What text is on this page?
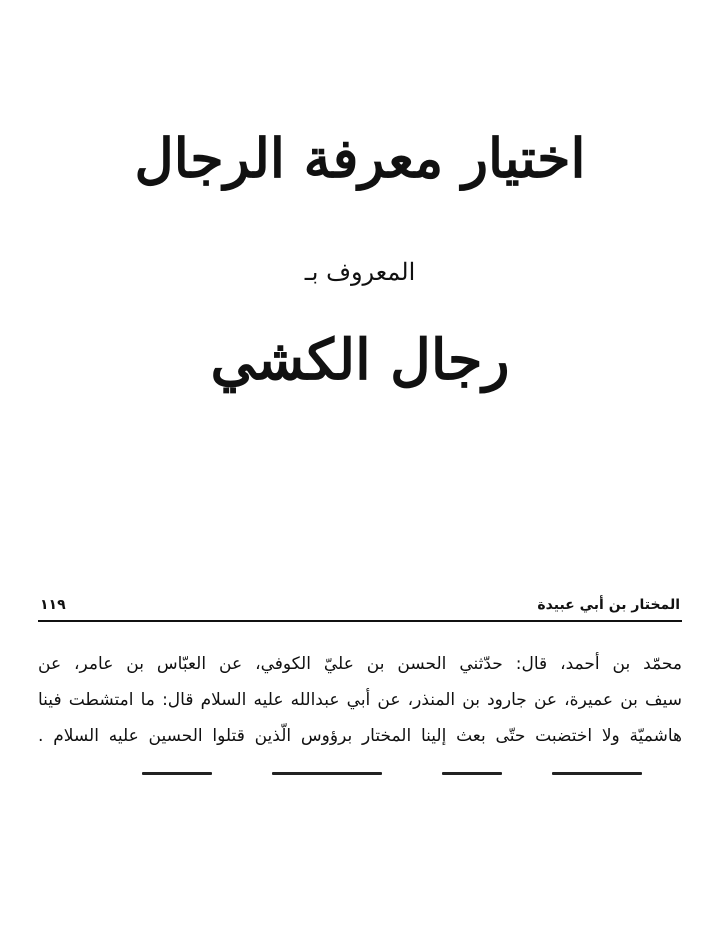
اختيار معرفة الرجال
المعروف بـ
رجال الكشي
المختار بن أبي عبيدة
١١٩
محمّد بن أحمد، قال: حدّثني الحسن بن عليّ الكوفي، عن العبّاس بن عامر، عن
سيف بن عميرة، عن جارود بن المنذر، عن أبي عبدالله عليه السلام قال: ما امتشطت فينا
هاشميّة ولا اختضبت حتّى بعث إلينا المختار برؤوس الّذين قتلوا الحسين عليه السلام .
